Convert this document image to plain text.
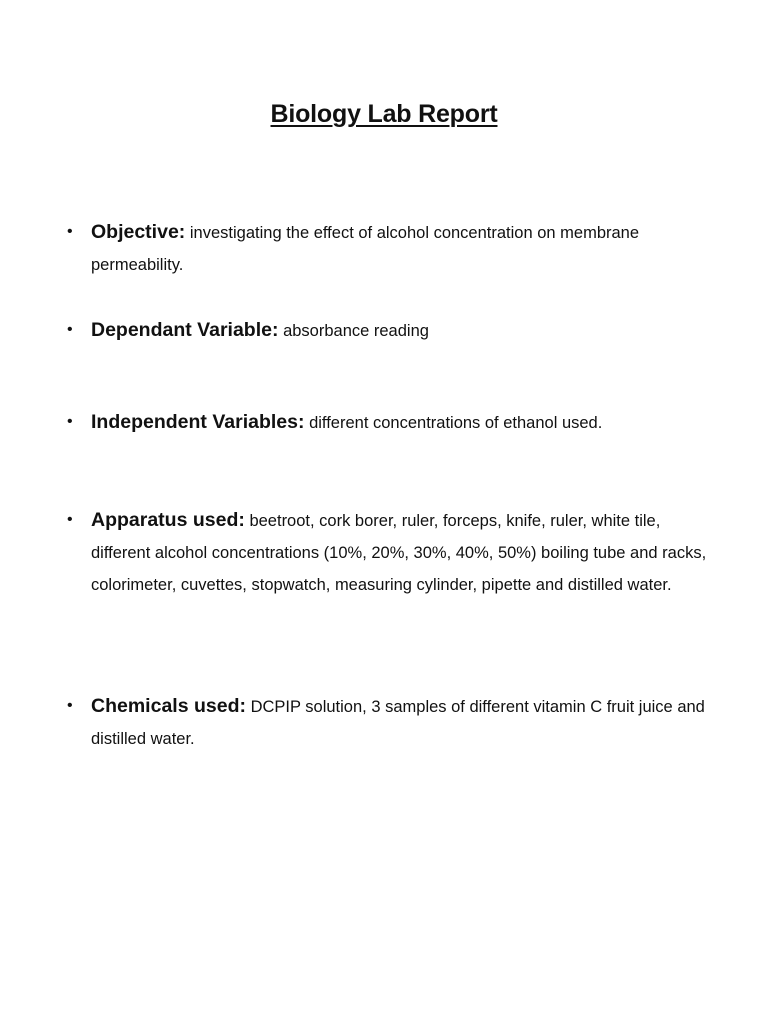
Biology Lab Report
• Objective: investigating the effect of alcohol concentration on membrane permeability.
• Dependant Variable: absorbance reading
• Independent Variables: different concentrations of ethanol used.
• Apparatus used: beetroot, cork borer, ruler, forceps, knife, ruler, white tile, different alcohol concentrations (10%, 20%, 30%, 40%, 50%) boiling tube and racks, colorimeter, cuvettes, stopwatch, measuring cylinder, pipette and distilled water.
• Chemicals used: DCPIP solution, 3 samples of different vitamin C fruit juice and distilled water.
